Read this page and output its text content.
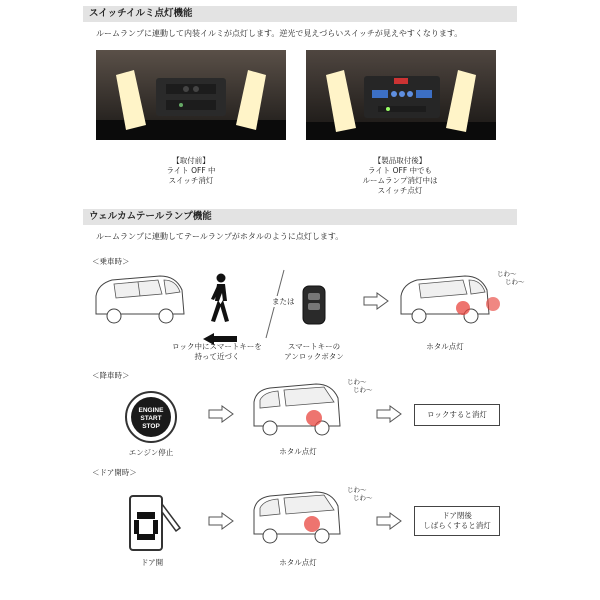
スイッチイルミ点灯機能
ルームランプに連動して内装イルミが点灯します。逆光で見えづらいスイッチが見えやすくなります。
【取付前】
ライト OFF 中
スイッチ消灯
【製品取付後】
ライト OFF 中でも
ルームランプ消灯中は
スイッチ点灯
ウェルカムテールランプ機能
ルームランプに連動してテールランプがホタルのように点灯します。
＜乗車時＞
ロック中にスマートキーを
持って近づく
または
スマートキーの
アンロックボタン
じわ〜
じわ〜
ホタル点灯
＜降車時＞
ENGINE
START
STOP
エンジン停止
じわ〜
じわ〜
ホタル点灯
ロックすると消灯
＜ドア開時＞
ドア開
じわ〜
じわ〜
ホタル点灯
ドア閉後
しばらくすると消灯
